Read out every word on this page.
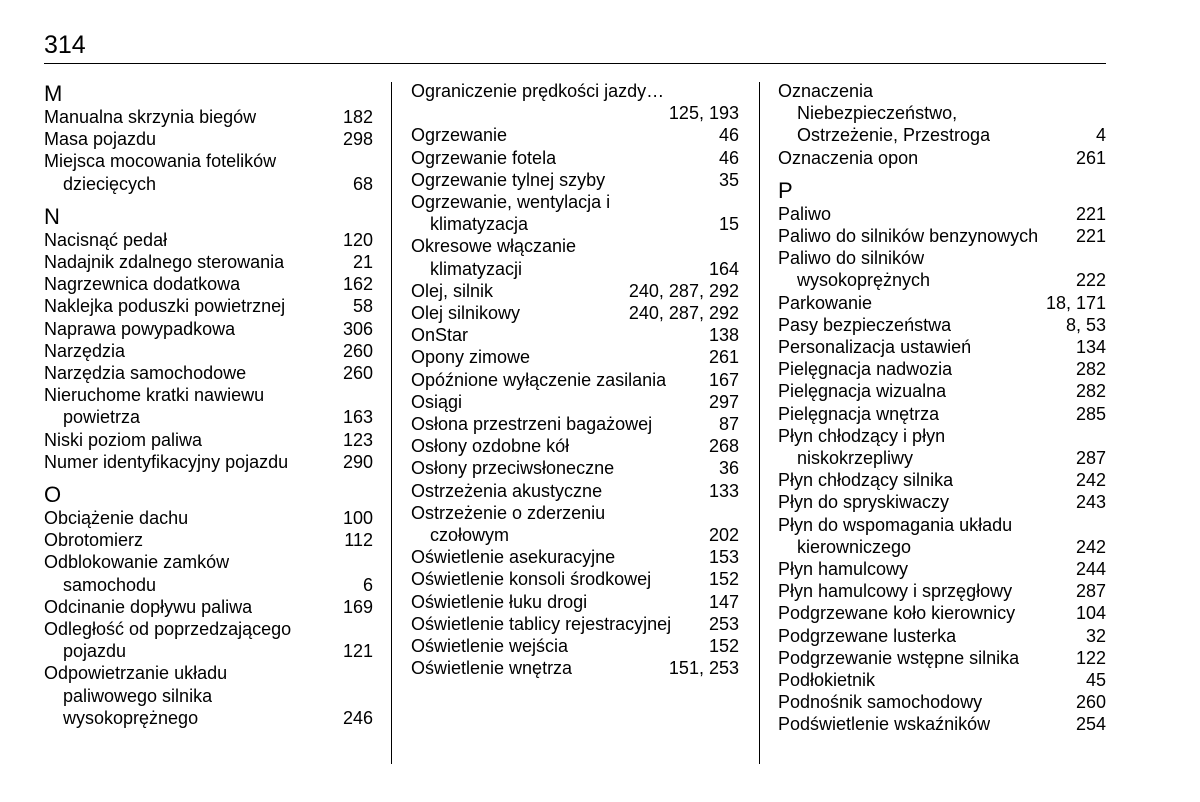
314
M
Manualna skrzynia biegów	182
Masa pojazdu	298
Miejsca mocowania fotelików
dziecięcych	68
N
Nacisnąć pedał	120
Nadajnik zdalnego sterowania	21
Nagrzewnica dodatkowa	162
Naklejka poduszki powietrznej	58
Naprawa powypadkowa	306
Narzędzia	260
Narzędzia samochodowe	260
Nieruchome kratki nawiewu
powietrza	163
Niski poziom paliwa	123
Numer identyfikacyjny pojazdu	290
O
Obciążenie dachu	100
Obrotomierz	112
Odblokowanie zamków
samochodu	6
Odcinanie dopływu paliwa	169
Odległość od poprzedzającego
pojazdu	121
Odpowietrzanie układu
paliwowego silnika
wysokoprężnego	246
Ograniczenie prędkości jazdy…
125, 193
Ogrzewanie	46
Ogrzewanie fotela	46
Ogrzewanie tylnej szyby	35
Ogrzewanie, wentylacja i
klimatyzacja	15
Okresowe włączanie
klimatyzacji	164
Olej, silnik	240, 287, 292
Olej silnikowy	240, 287, 292
OnStar	138
Opony zimowe	261
Opóźnione wyłączenie zasilania 167
Osiągi	297
Osłona przestrzeni bagażowej	87
Osłony ozdobne kół	268
Osłony przeciwsłoneczne	36
Ostrzeżenia akustyczne	133
Ostrzeżenie o zderzeniu
czołowym	202
Oświetlenie asekuracyjne	153
Oświetlenie konsoli środkowej	152
Oświetlenie łuku drogi	147
Oświetlenie tablicy rejestracyjnej 253
Oświetlenie wejścia	152
Oświetlenie wnętrza	151, 253
Oznaczenia
Niebezpieczeństwo,
Ostrzeżenie, Przestroga	4
Oznaczenia opon	261
P
Paliwo	221
Paliwo do silników benzynowych 221
Paliwo do silników
wysokoprężnych	222
Parkowanie	18, 171
Pasy bezpieczeństwa	8, 53
Personalizacja ustawień	134
Pielęgnacja nadwozia	282
Pielęgnacja wizualna	282
Pielęgnacja wnętrza	285
Płyn chłodzący i płyn
niskokrzepliwy	287
Płyn chłodzący silnika	242
Płyn do spryskiwaczy	243
Płyn do wspomagania układu
kierowniczego	242
Płyn hamulcowy	244
Płyn hamulcowy i sprzęgłowy	287
Podgrzewane koło kierownicy	104
Podgrzewane lusterka	32
Podgrzewanie wstępne silnika	122
Podłokietnik	45
Podnośnik samochodowy	260
Podświetlenie wskaźników	254
